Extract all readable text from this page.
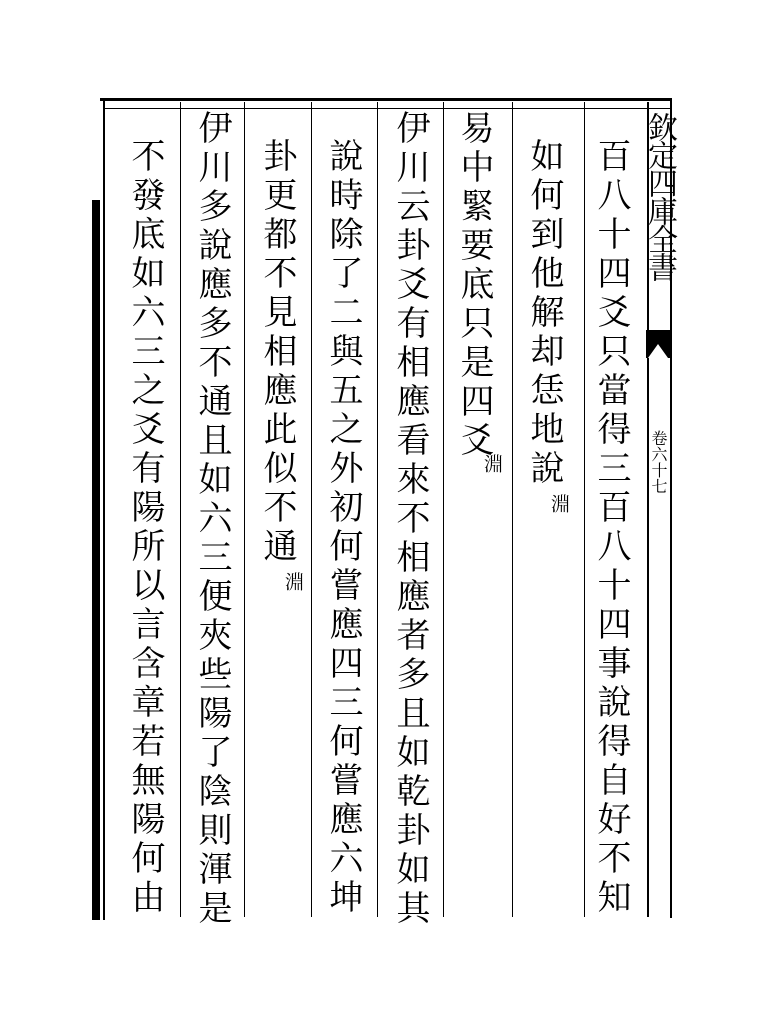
欽定四庫全書
卷六十七
百八十四爻只當得三百八十四事說得自好不知
如何到他解却恁地說
淵
易中緊要底只是四爻
淵
伊川云卦爻有相應看來不相應者多且如乾卦如其
說時除了二與五之外初何嘗應四三何嘗應六坤
卦更都不見相應此似不通
淵
伊川多說應多不通且如六三便夾些陽了陰則渾是
不發底如六三之爻有陽所以言含章若無陽何由
